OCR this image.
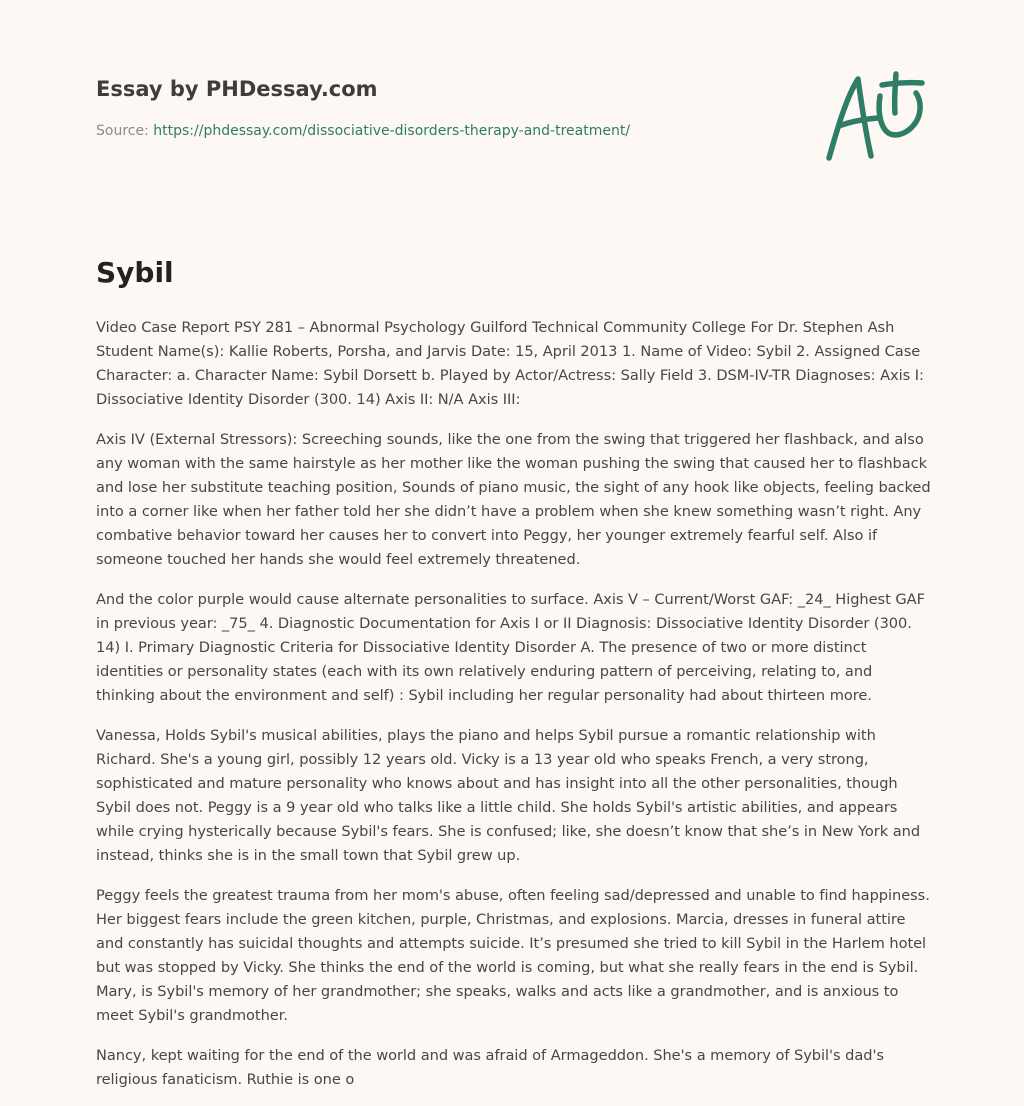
Essay by PHDessay.com
Source: https://phdessay.com/dissociative-disorders-therapy-and-treatment/
Sybil

Video Case Report PSY 281 – Abnormal Psychology Guilford Technical Community College For Dr. Stephen Ash Student Name(s): Kallie Roberts, Porsha, and Jarvis Date: 15, April 2013 1. Name of Video: Sybil 2. Assigned Case Character: a. Character Name: Sybil Dorsett b. Played by Actor/Actress: Sally Field 3. DSM-IV-TR Diagnoses: Axis I: Dissociative Identity Disorder (300. 14) Axis II: N/A Axis III:

Axis IV (External Stressors): Screeching sounds, like the one from the swing that triggered her flashback, and also any woman with the same hairstyle as her mother like the woman pushing the swing that caused her to flashback and lose her substitute teaching position, Sounds of piano music, the sight of any hook like objects, feeling backed into a corner like when her father told her she didn’t have a problem when she knew something wasn’t right. Any combative behavior toward her causes her to convert into Peggy, her younger extremely fearful self. Also if someone touched her hands she would feel extremely threatened.

And the color purple would cause alternate personalities to surface. Axis V – Current/Worst GAF: _24_ Highest GAF in previous year: _75_ 4. Diagnostic Documentation for Axis I or II Diagnosis: Dissociative Identity Disorder (300. 14) I. Primary Diagnostic Criteria for Dissociative Identity Disorder A. The presence of two or more distinct identities or personality states (each with its own relatively enduring pattern of perceiving, relating to, and thinking about the environment and self) : Sybil including her regular personality had about thirteen more.

Vanessa, Holds Sybil's musical abilities, plays the piano and helps Sybil pursue a romantic relationship with Richard. She's a young girl, possibly 12 years old. Vicky is a 13 year old who speaks French, a very strong, sophisticated and mature personality who knows about and has insight into all the other personalities, though Sybil does not. Peggy is a 9 year old who talks like a little child. She holds Sybil's artistic abilities, and appears while crying hysterically because Sybil's fears. She is confused; like, she doesn’t know that she’s in New York and instead, thinks she is in the small town that Sybil grew up.

Peggy feels the greatest trauma from her mom's abuse, often feeling sad/depressed and unable to find happiness. Her biggest fears include the green kitchen, purple, Christmas, and explosions. Marcia, dresses in funeral attire and constantly has suicidal thoughts and attempts suicide. It’s presumed she tried to kill Sybil in the Harlem hotel but was stopped by Vicky. She thinks the end of the world is coming, but what she really fears in the end is Sybil. Mary, is Sybil's memory of her grandmother; she speaks, walks and acts like a grandmother, and is anxious to meet Sybil's grandmother.

Nancy, kept waiting for the end of the world and was afraid of Armageddon. She's a memory of Sybil's dad's religious fanaticism. Ruthie is one o
